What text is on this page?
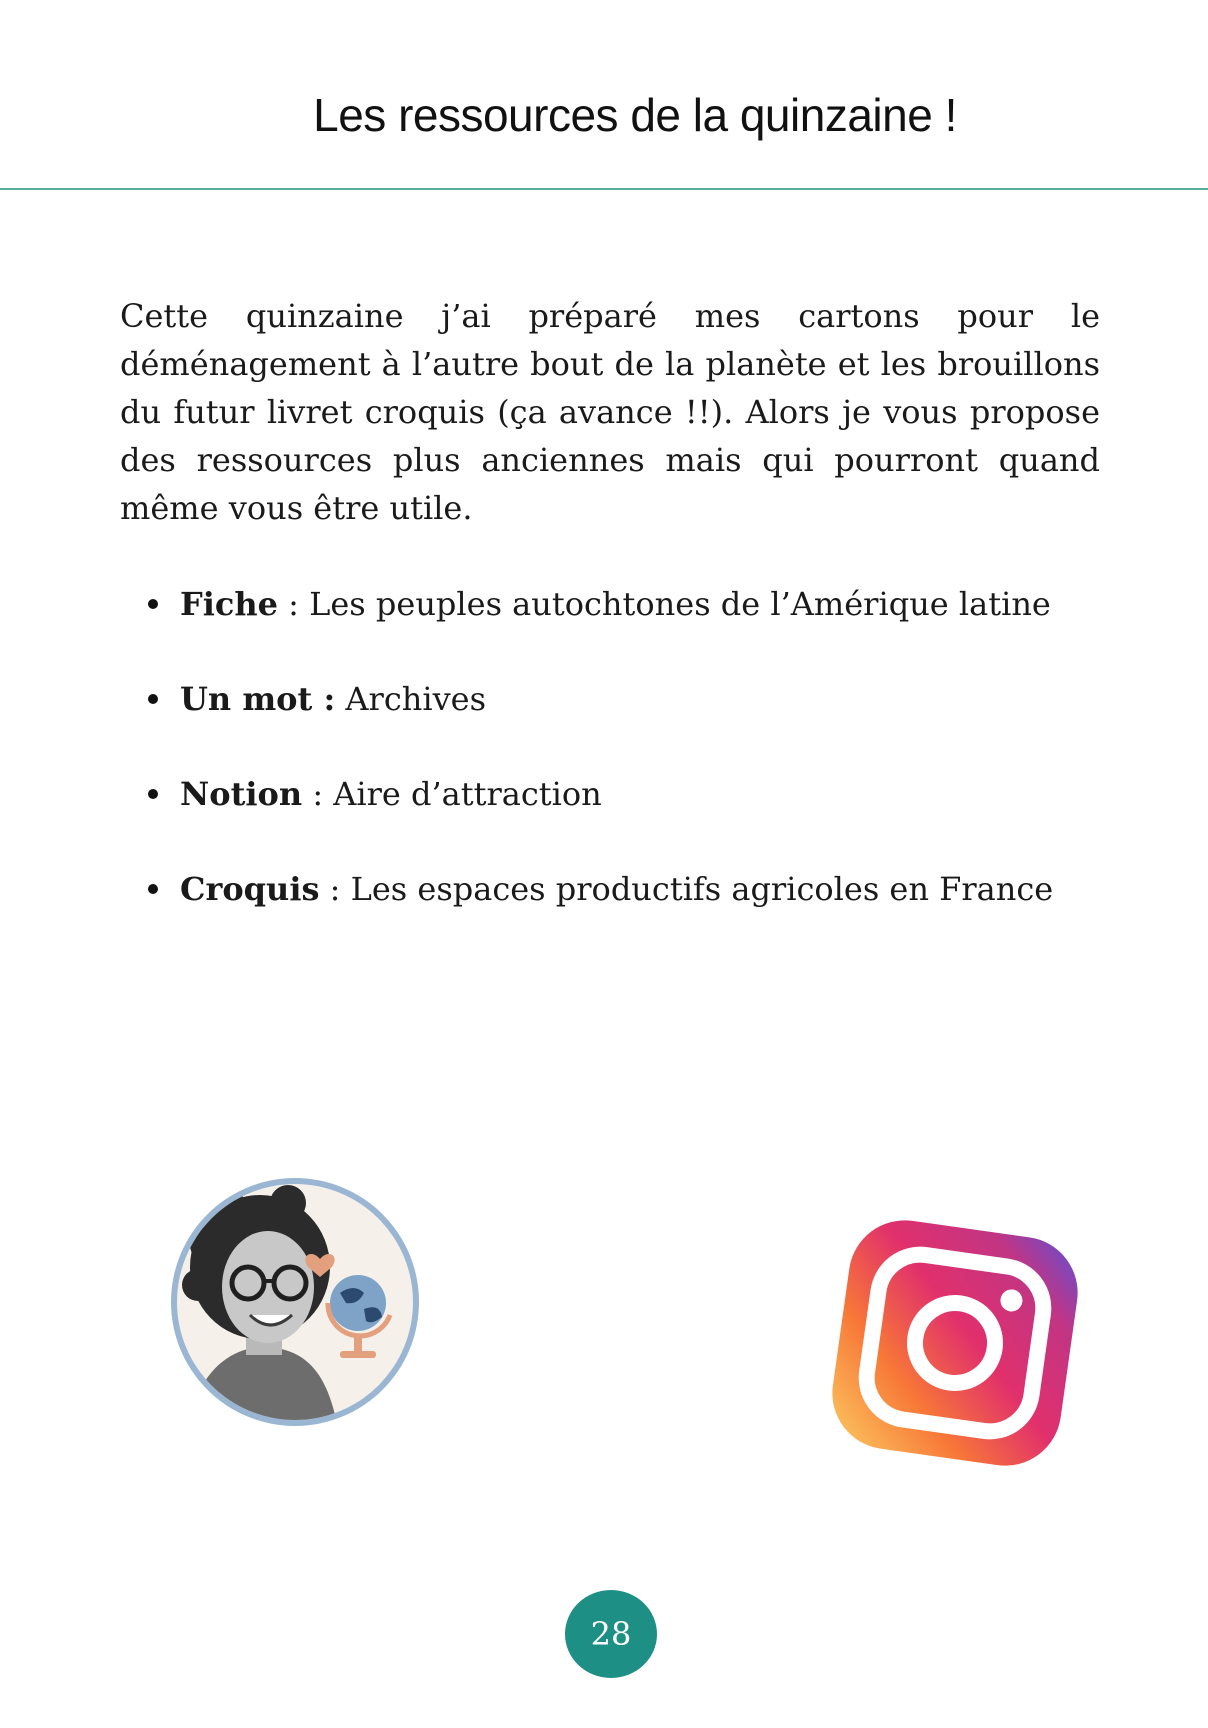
Les ressources de la quinzaine !

Cette quinzaine j’ai préparé mes cartons pour le déménagement à l’autre bout de la planète et les brouillons du futur livret croquis (ça avance !!). Alors je vous propose des ressources plus anciennes mais qui pourront quand même vous être utile.

Fiche : Les peuples autochtones de l’Amérique latine
Un mot : Archives
Notion : Aire d’attraction
Croquis : Les espaces productifs agricoles en France
28
